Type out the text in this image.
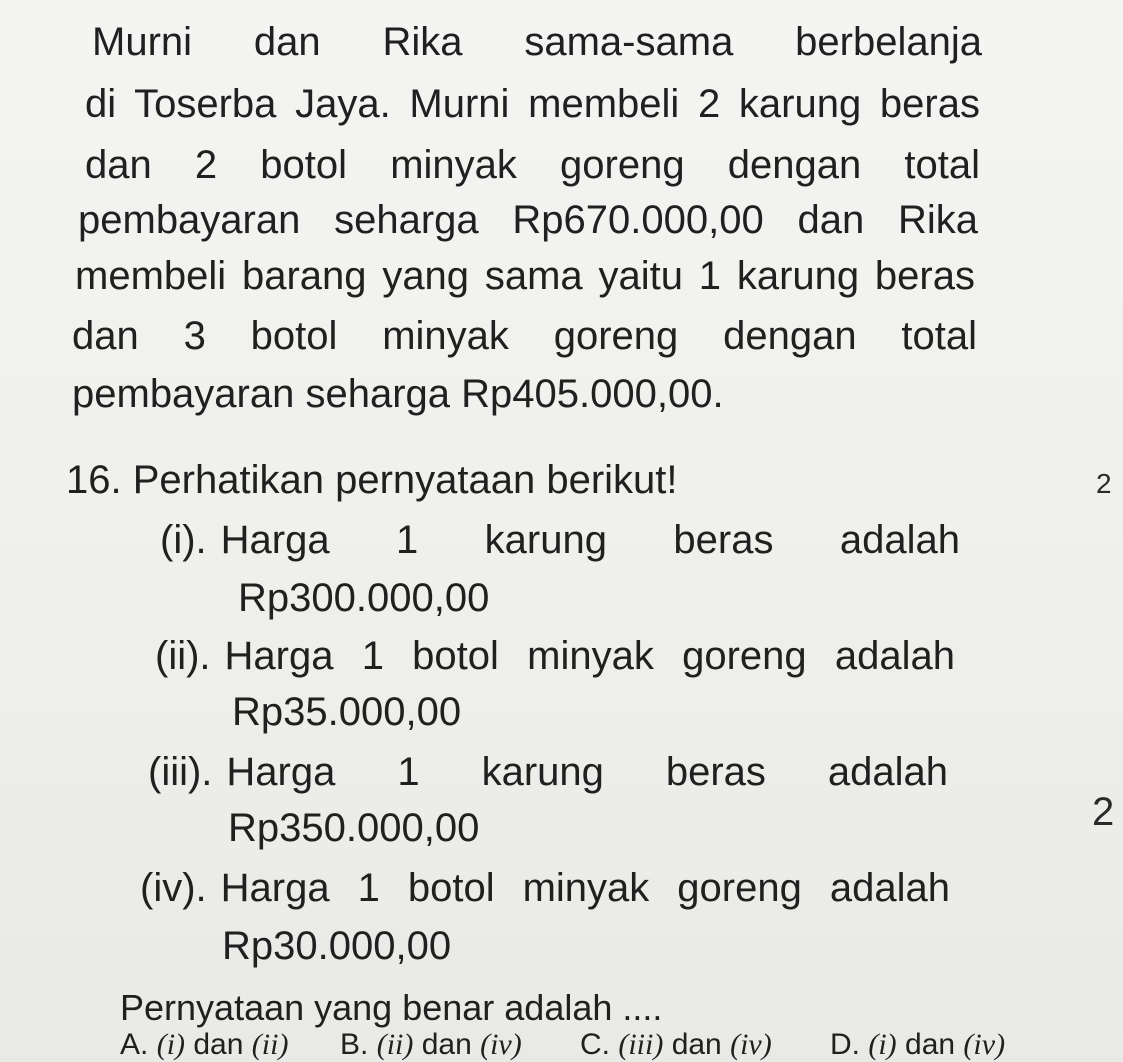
Murni dan Rika sama-sama berbelanja
di Toserba Jaya. Murni membeli 2 karung beras
dan 2 botol minyak goreng dengan total
pembayaran seharga Rp670.000,00 dan Rika
membeli barang yang sama yaitu 1 karung beras
dan 3 botol minyak goreng dengan total
pembayaran seharga Rp405.000,00.
16. Perhatikan pernyataan berikut!
(i). Harga 1 karung beras adalah
Rp300.000,00
(ii). Harga 1 botol minyak goreng adalah
Rp35.000,00
(iii). Harga 1 karung beras adalah
Rp350.000,00
(iv). Harga 1 botol minyak goreng adalah
Rp30.000,00
Pernyataan yang benar adalah ....
A. (i) dan (ii) B. (ii) dan (iv) C. (iii) dan (iv) D. (i) dan (iv)
2
2
